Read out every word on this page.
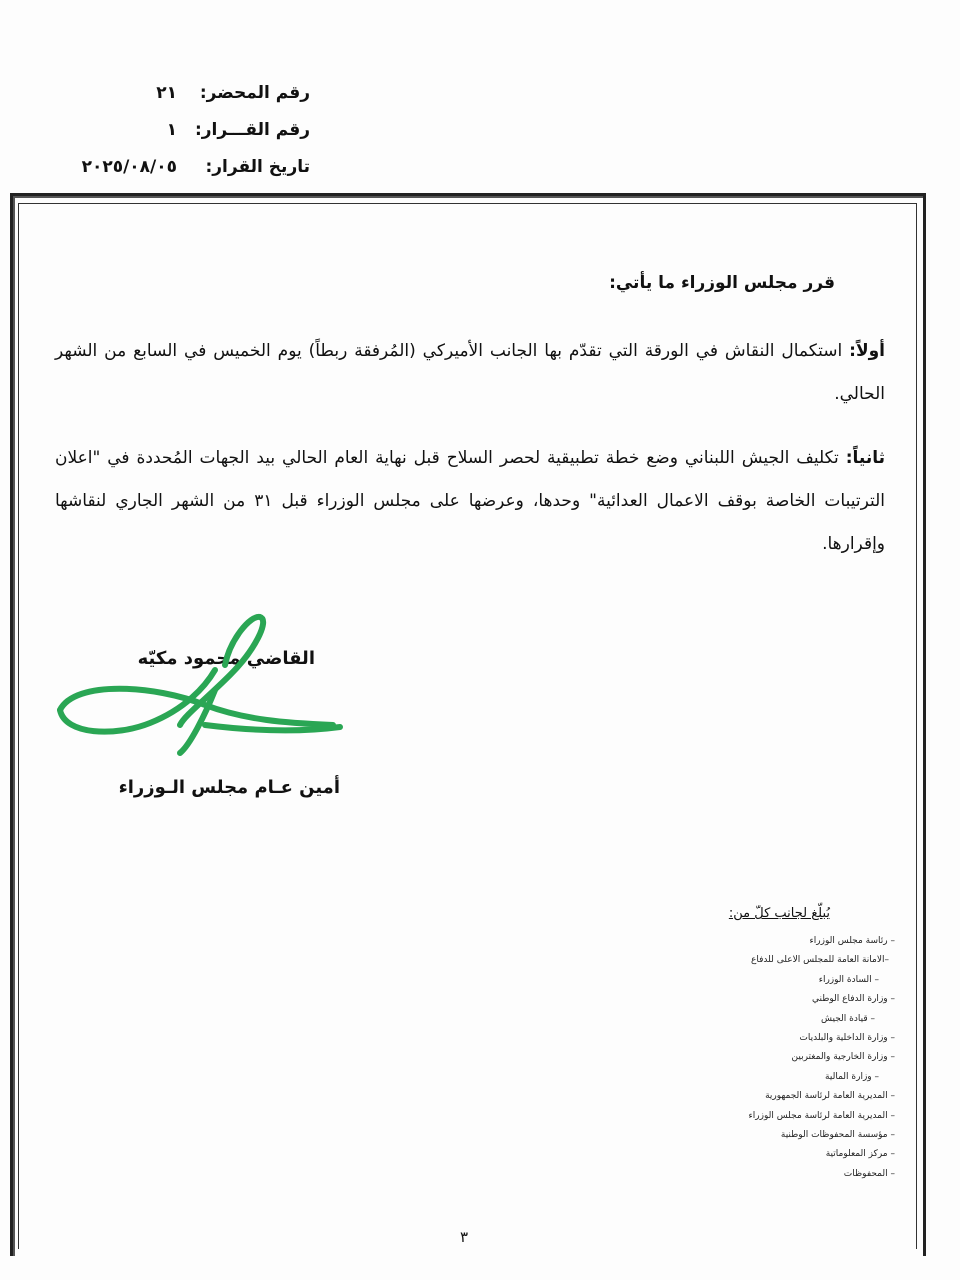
رقم المحضر:٢١
رقم القـــرار:١
تاريخ القرار:٢٠٢٥/٠٨/٠٥
قرر مجلس الوزراء ما يأتي:
أولاً: استكمال النقاش في الورقة التي تقدّم بها الجانب الأميركي (المُرفقة ربطاً) يوم الخميس في السابع من الشهر الحالي.
ثانياً: تكليف الجيش اللبناني وضع خطة تطبيقية لحصر السلاح قبل نهاية العام الحالي بيد الجهات المُحددة في "اعلان الترتيبات الخاصة بوقف الاعمال العدائية" وحدها، وعرضها على مجلس الوزراء قبل ٣١ من الشهر الجاري لنقاشها وإقرارها.
القاضي محمود مكيّه
أمين عـام مجلس الـوزراء
يُبلّغ لجانب كلّ من:
– رئاسة مجلس الوزراء
–الامانة العامة للمجلس الاعلى للدفاع
– السادة الوزراء
– وزارة الدفاع الوطني
– قيادة الجيش
– وزارة الداخلية والبلديات
– وزارة الخارجية والمغتربين
– وزارة المالية
– المديرية العامة لرئاسة الجمهورية
– المديرية العامة لرئاسة مجلس الوزراء
– مؤسسة المحفوظات الوطنية
– مركز المعلوماتية
– المحفوظات
٣
